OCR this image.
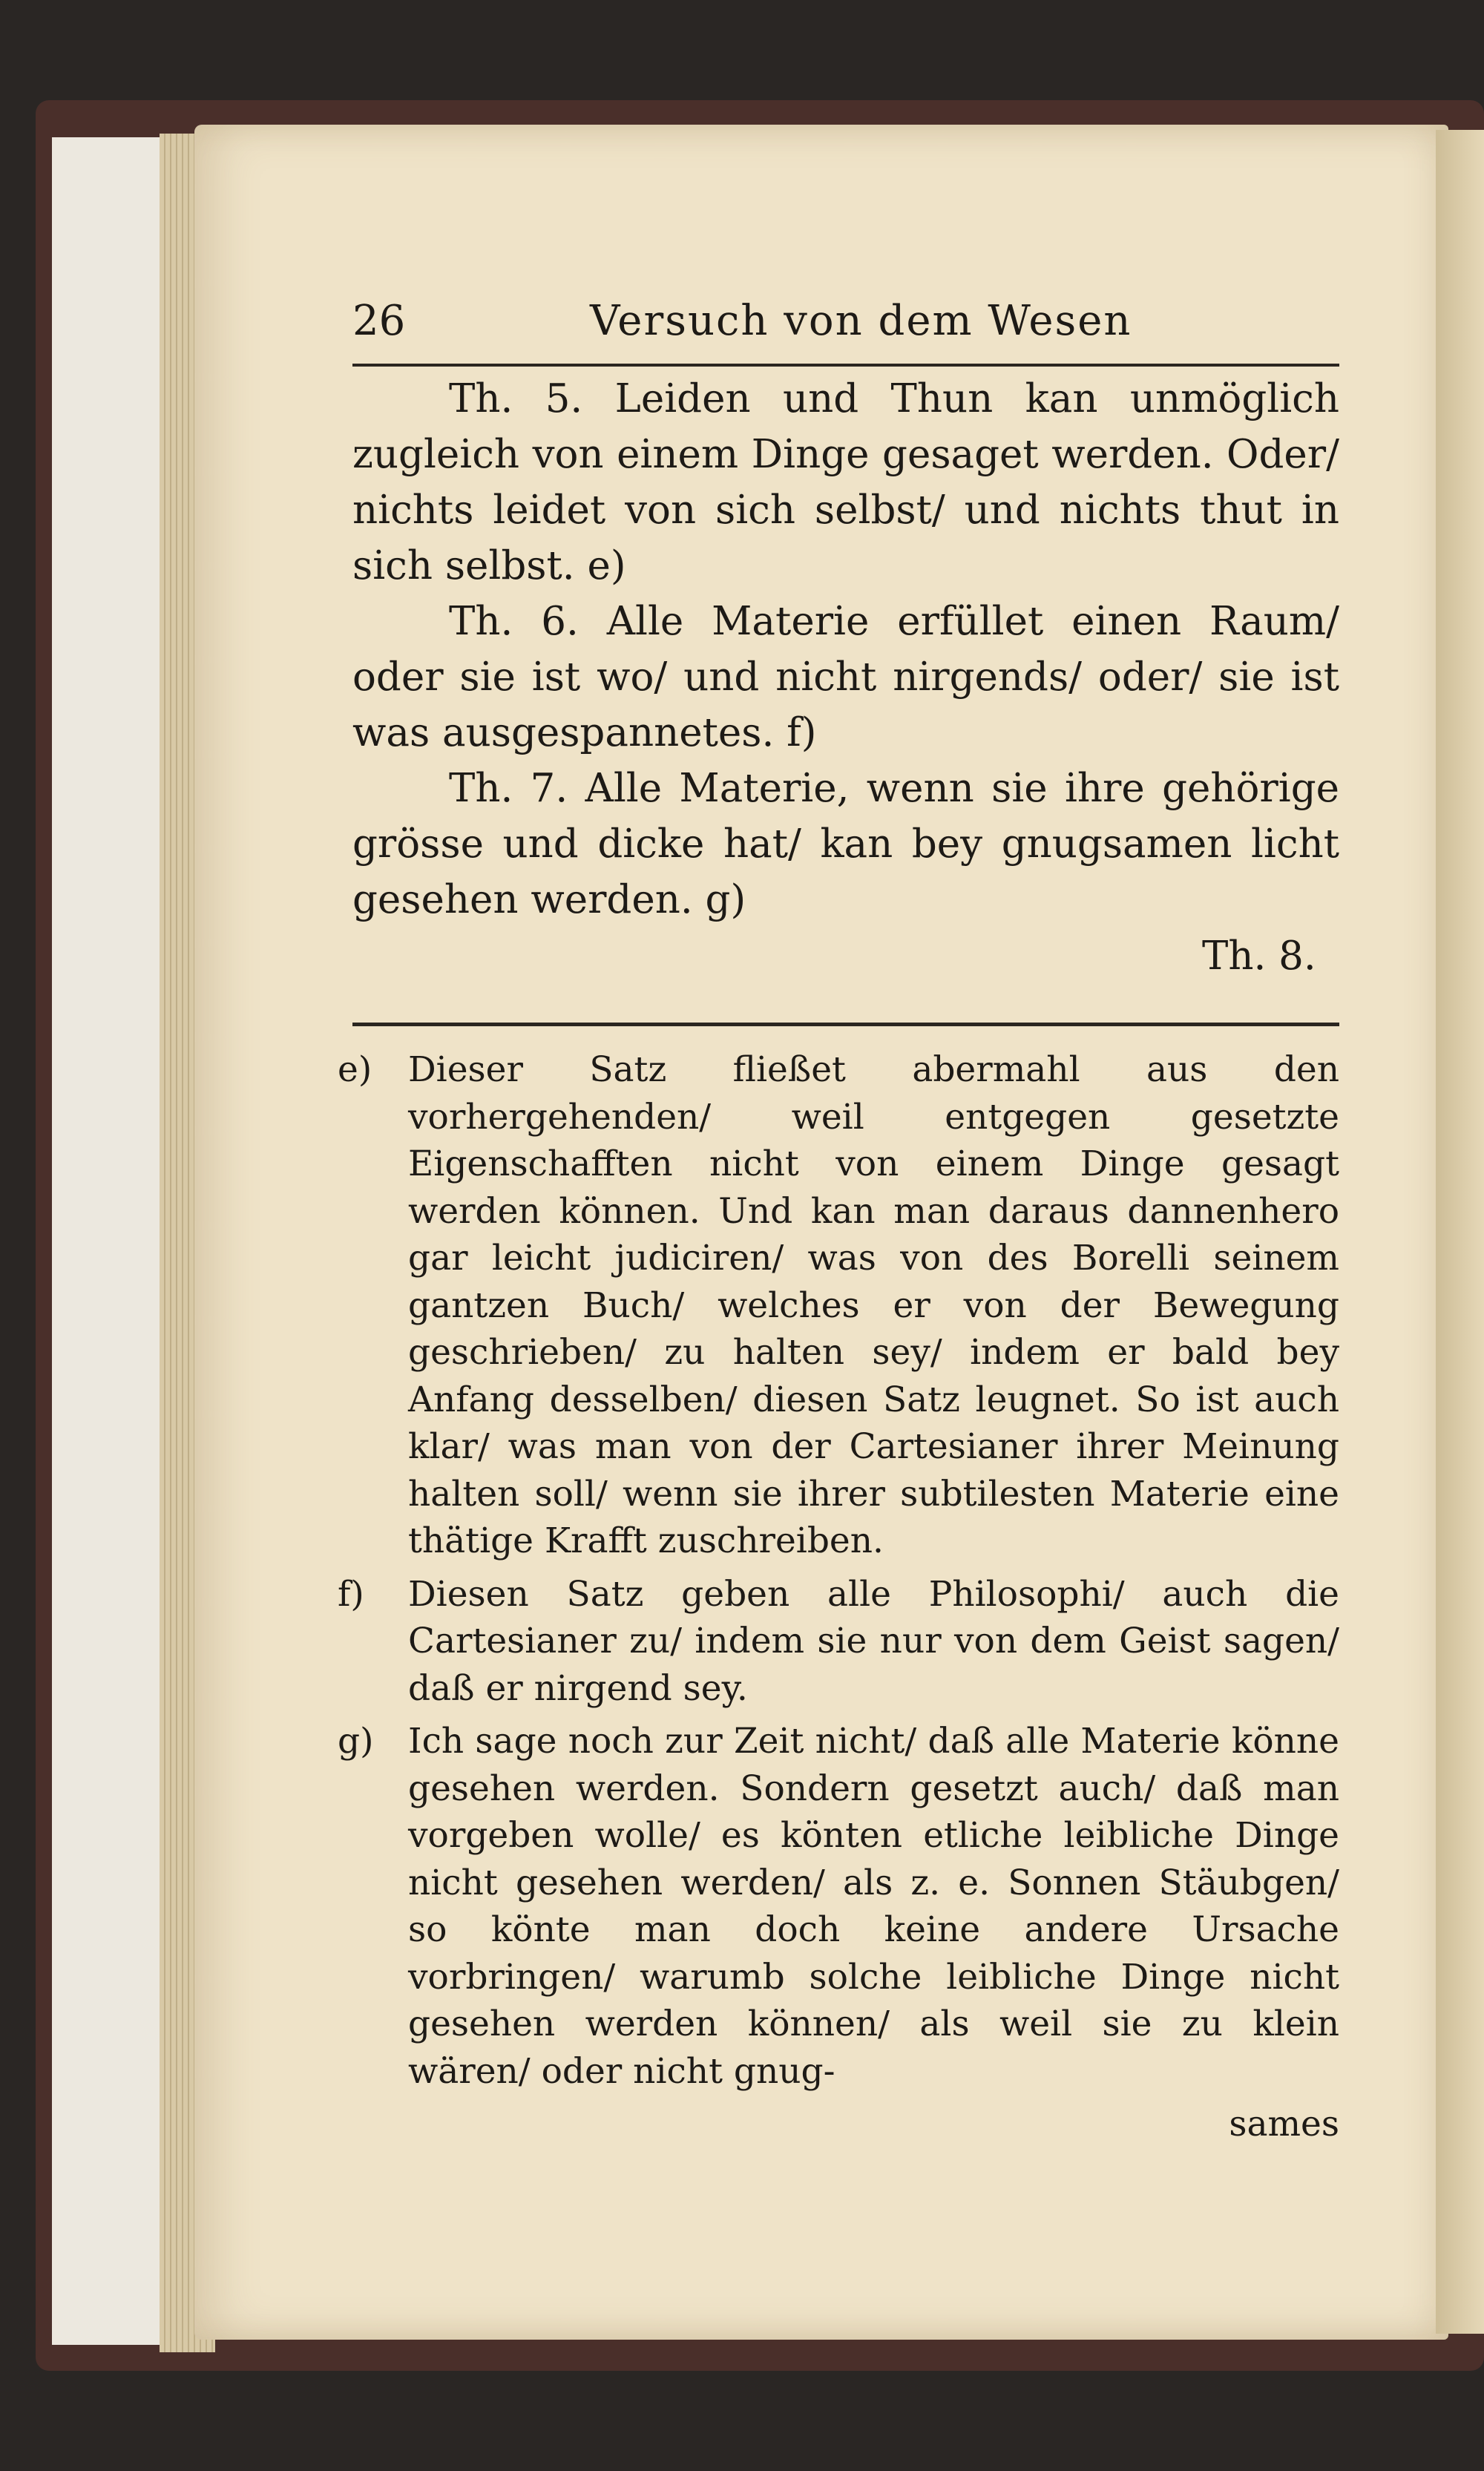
26	Versuch von dem Wesen

Th. 5. Leiden und Thun kan unmöglich zugleich von einem Dinge gesaget werden. Oder/ nichts leidet von sich selbst/ und nichts thut in sich selbst. e)

Th. 6. Alle Materie erfüllet einen Raum/ oder sie ist wo/ und nicht nirgends/ oder/ sie ist was ausgespannetes. f)

Th. 7. Alle Materie, wenn sie ihre gehörige grösse und dicke hat/ kan bey gnugsamen licht gesehen werden. g)

Th. 8.
e) Dieser Satz fließet abermahl aus den vorhergehenden/ weil entgegen gesetzte Eigenschafften nicht von einem Dinge gesagt werden können. Und kan man daraus dannenhero gar leicht judiciren/ was von des Borelli seinem gantzen Buch/ welches er von der Bewegung geschrieben/ zu halten sey/ indem er bald bey Anfang desselben/ diesen Satz leugnet. So ist auch klar/ was man von der Cartesianer ihrer Meinung halten soll/ wenn sie ihrer subtilesten Materie eine thätige Krafft zuschreiben.
f) Diesen Satz geben alle Philosophi/ auch die Cartesianer zu/ indem sie nur von dem Geist sagen/ daß er nirgend sey.
g) Ich sage noch zur Zeit nicht/ daß alle Materie könne gesehen werden. Sondern gesetzt auch/ daß man vorgeben wolle/ es könten etliche leibliche Dinge nicht gesehen werden/ als z. e. Sonnen Stäubgen/ so könte man doch keine andere Ursache vorbringen/ warumb solche leibliche Dinge nicht gesehen werden können/ als weil sie zu klein wären/ oder nicht gnug-
sames
